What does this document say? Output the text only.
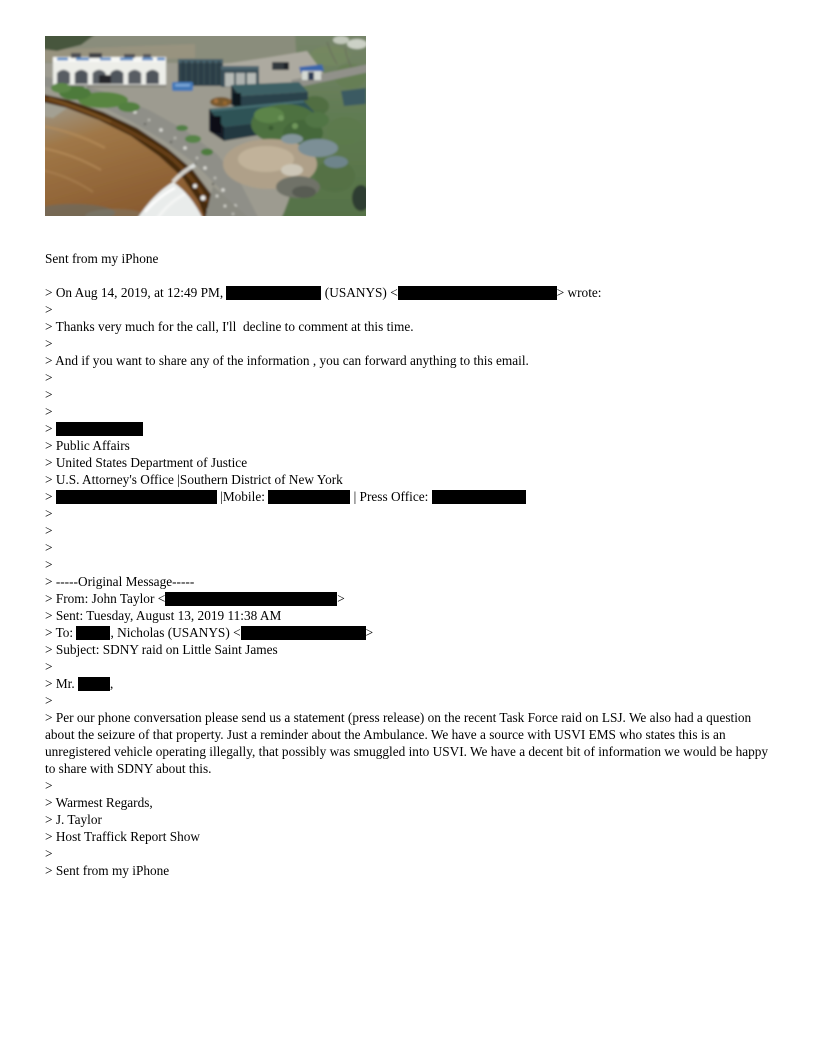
Sent from my iPhone
> On Aug 14, 2019, at 12:49 PM,	(USANYS) <	> wrote:
>
> Thanks very much for the call, I'll  decline to comment at this time.
>
> And if you want to share any of the information , you can forward anything to this email.
>
>
>
>
> Public Affairs
> United States Department of Justice
> U.S. Attorney's Office |Southern District of New York
>	|Mobile:	| Press Office:
>
>
>
>
> -----Original Message-----
> From: John Taylor <	>
> Sent: Tuesday, August 13, 2019 11:38 AM
> To:	, Nicholas (USANYS) <	>
> Subject: SDNY raid on Little Saint James
>
> Mr. ,
>
> Per our phone conversation please send us a statement (press release) on the recent Task Force raid on LSJ. We also had a question about the seizure of that property. Just a reminder about the Ambulance. We have a source with USVI EMS who states this is an unregistered vehicle operating illegally, that possibly was smuggled into USVI. We have a decent bit of information we would be happy to share with SDNY about this.
>
> Warmest Regards,
> J. Taylor
> Host Traffick Report Show
>
> Sent from my iPhone
